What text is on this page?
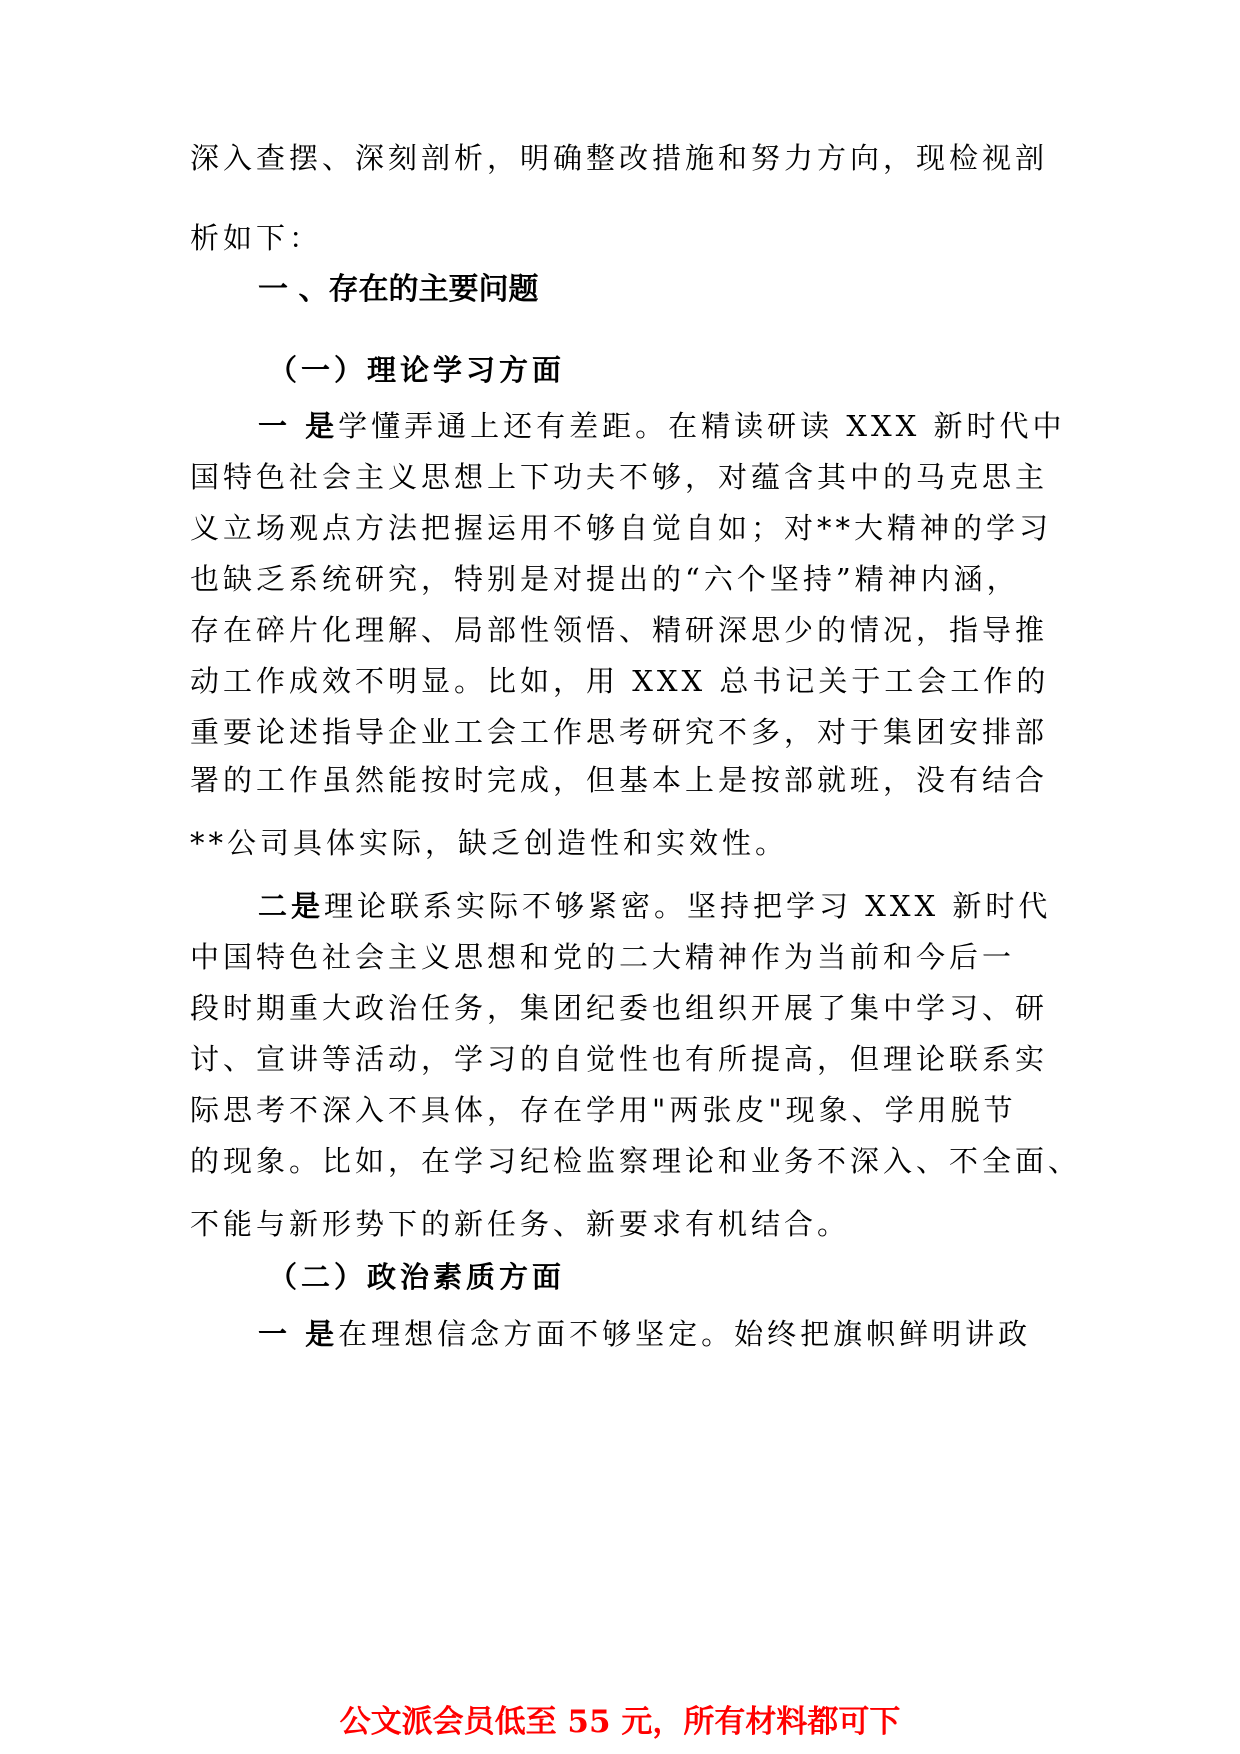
深入查摆、深刻剖析，明确整改措施和努力方向，现检视剖
析如下：
一 、存在的主要问题
（一）理论学习方面
一 是学懂弄通上还有差距。在精读研读 XXX 新时代中
国特色社会主义思想上下功夫不够，对蕴含其中的马克思主
义立场观点方法把握运用不够自觉自如；对**大精神的学习
也缺乏系统研究，特别是对提出的“六个坚持”精神内涵，
存在碎片化理解、局部性领悟、精研深思少的情况，指导推
动工作成效不明显。比如，用 XXX 总书记关于工会工作的
重要论述指导企业工会工作思考研究不多，对于集团安排部
署的工作虽然能按时完成，但基本上是按部就班，没有结合
**公司具体实际，缺乏创造性和实效性。
二是理论联系实际不够紧密。坚持把学习 XXX 新时代
中国特色社会主义思想和党的二大精神作为当前和今后一
段时期重大政治任务，集团纪委也组织开展了集中学习、研
讨、宣讲等活动，学习的自觉性也有所提高，但理论联系实
际思考不深入不具体，存在学用"两张皮"现象、学用脱节
的现象。比如，在学习纪检监察理论和业务不深入、不全面、
不能与新形势下的新任务、新要求有机结合。
（二）政治素质方面
一 是在理想信念方面不够坚定。始终把旗帜鲜明讲政
公文派会员低至 55 元，所有材料都可下
